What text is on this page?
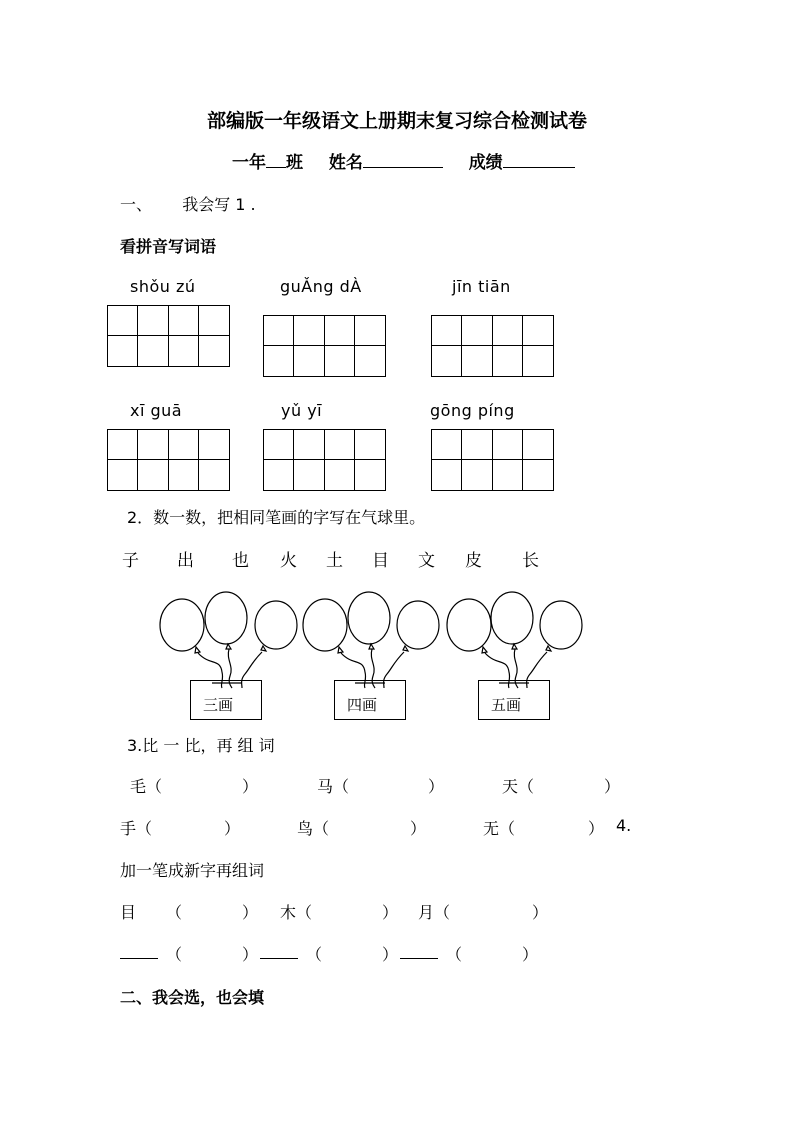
部编版一年级语文上册期末复习综合检测试卷
一年 班 姓名	成绩
一、 我会写 1 .
看拼音写词语
shǒu zú	guǍng dÀ	jīn tiān
xī guā	yǔ yī	gōng píng
2．数一数，把相同笔画的字写在气球里。
子 出 也 火 土 目 文 皮 长
三画	四画	五画
3.比 一 比，再 组 词
毛（	）	马（	）	天（	）
手（	）	鸟（	）	无（	） 4.
加一笔成新字再组词
目 （	） 木（	） 月（	）
（	）	（	）	（	）
二、我会选，也会填
